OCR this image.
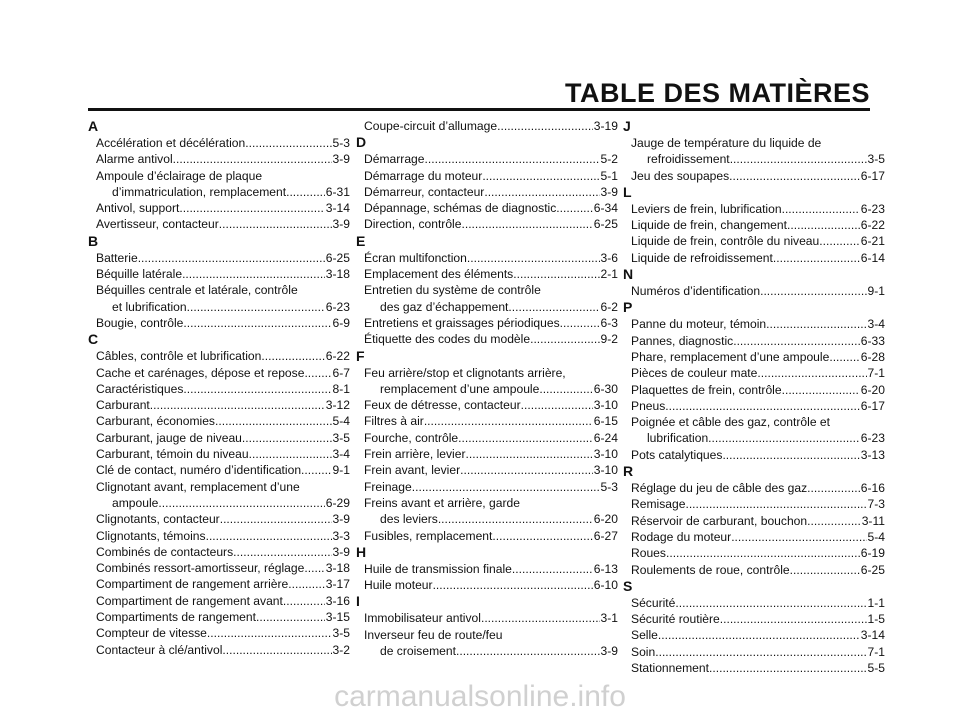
TABLE DES MATIÈRES
A
Accélération et décélération .....	5-3
Alarme antivol .....	3-9
Ampoule d’éclairage de plaque
d’immatriculation, remplacement .....	6-31
Antivol, support .....	3-14
Avertisseur, contacteur .....	3-9
B
Batterie .....	6-25
Béquille latérale .....	3-18
Béquilles centrale et latérale, contrôle
et lubrification .....	6-23
Bougie, contrôle .....	6-9
C
Câbles, contrôle et lubrification .....	6-22
Cache et carénages, dépose et repose ..... 6-7
Caractéristiques .....	8-1
Carburant .....	3-12
Carburant, économies .....	5-4
Carburant, jauge de niveau .....	3-5
Carburant, témoin du niveau .....	3-4
Clé de contact, numéro d’identification .....	9-1
Clignotant avant, remplacement d’une
ampoule .....	6-29
Clignotants, contacteur .....	3-9
Clignotants, témoins .....	3-3
Combinés de contacteurs .....	3-9
Combinés ressort-amortisseur, réglage ..... 3-18
Compartiment de rangement arrière .....	3-17
Compartiment de rangement avant .....	3-16
Compartiments de rangement .....	3-15
Compteur de vitesse .....	3-5
Contacteur à clé/antivol .....	3-2
Coupe-circuit d’allumage .....	3-19
D
Démarrage .....	5-2
Démarrage du moteur .....	5-1
Démarreur, contacteur .....	3-9
Dépannage, schémas de diagnostic .....	6-34
Direction, contrôle .....	6-25
E
Écran multifonction .....	3-6
Emplacement des éléments .....	2-1
Entretien du système de contrôle
des gaz d’échappement .....	6-2
Entretiens et graissages périodiques .....	6-3
Étiquette des codes du modèle .....	9-2
F
Feu arrière/stop et clignotants arrière,
remplacement d’une ampoule .....	6-30
Feux de détresse, contacteur .....	3-10
Filtres à air .....	6-15
Fourche, contrôle .....	6-24
Frein arrière, levier .....	3-10
Frein avant, levier .....	3-10
Freinage .....	5-3
Freins avant et arrière, garde
des leviers .....	6-20
Fusibles, remplacement .....	6-27
H
Huile de transmission finale .....	6-13
Huile moteur .....	6-10
I
Immobilisateur antivol .....	3-1
Inverseur feu de route/feu
de croisement .....	3-9
J
Jauge de température du liquide de
refroidissement .....	3-5
Jeu des soupapes .....	6-17
L
Leviers de frein, lubrification .....	6-23
Liquide de frein, changement .....	6-22
Liquide de frein, contrôle du niveau .....	6-21
Liquide de refroidissement .....	6-14
N
Numéros d’identification .....	9-1
P
Panne du moteur, témoin .....	3-4
Pannes, diagnostic .....	6-33
Phare, remplacement d’une ampoule .....	6-28
Pièces de couleur mate .....	7-1
Plaquettes de frein, contrôle .....	6-20
Pneus .....	6-17
Poignée et câble des gaz, contrôle et
lubrification .....	6-23
Pots catalytiques .....	3-13
R
Réglage du jeu de câble des gaz .....	6-16
Remisage .....	7-3
Réservoir de carburant, bouchon .....	3-11
Rodage du moteur .....	5-4
Roues .....	6-19
Roulements de roue, contrôle .....	6-25
S
Sécurité .....	1-1
Sécurité routière .....	1-5
Selle .....	3-14
Soin .....	7-1
Stationnement .....	5-5
carmanualsonline.info
